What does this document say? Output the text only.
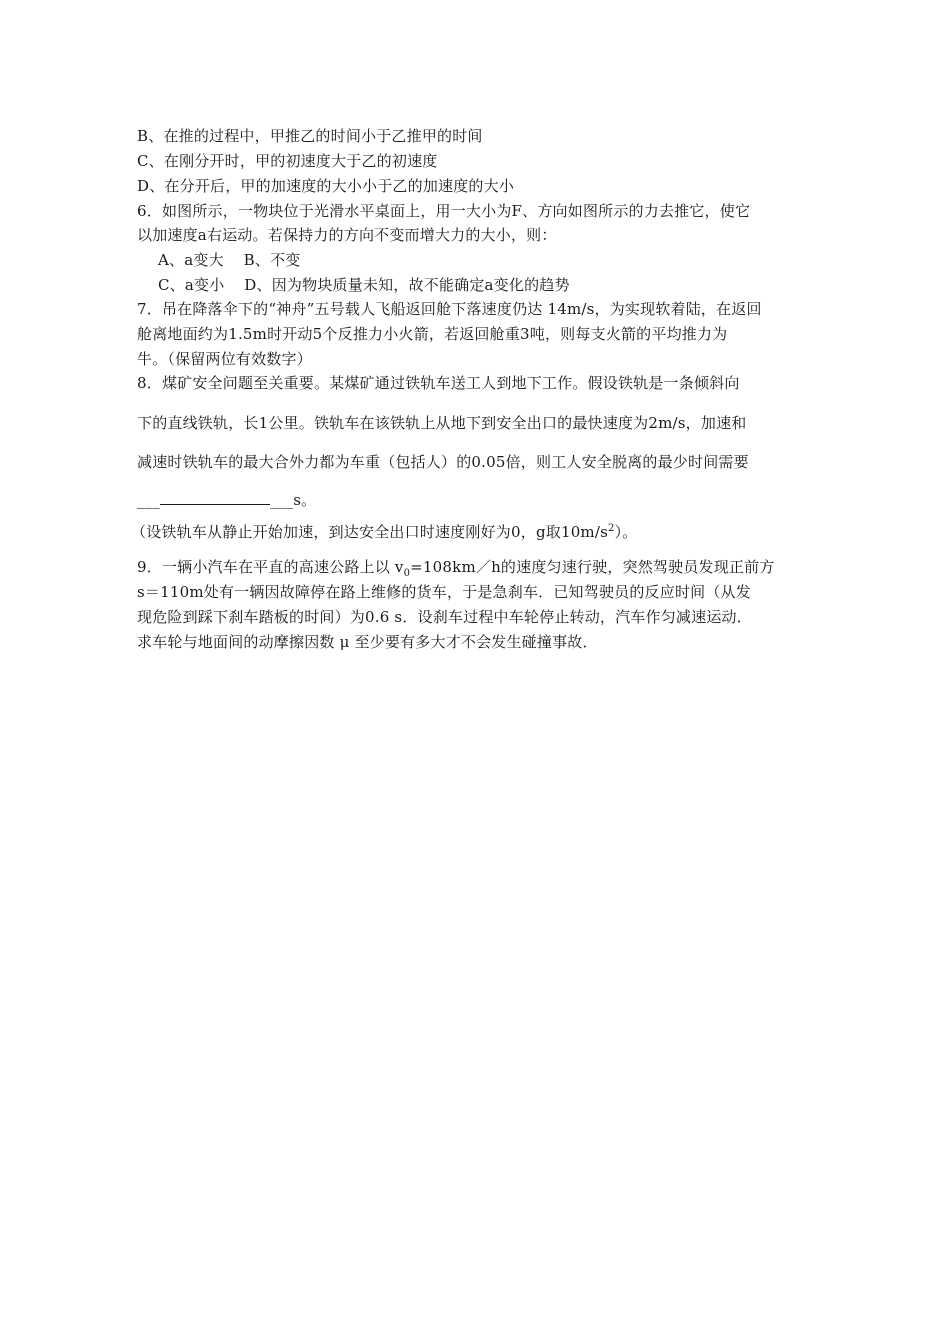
B、在推的过程中，甲推乙的时间小于乙推甲的时间
C、在刚分开时，甲的初速度大于乙的初速度
D、在分开后，甲的加速度的大小小于乙的加速度的大小
6．如图所示，一物块位于光滑水平桌面上，用一大小为F、方向如图所示的力去推它，使它
以加速度a右运动。若保持力的方向不变而增大力的大小，则：
A、a变大    B、不变
C、a变小    D、因为物块质量未知，故不能确定a变化的趋势
7．吊在降落伞下的“神舟”五号载人飞船返回舱下落速度仍达 14m/s，为实现软着陆，在返回
舱离地面约为1.5m时开动5个反推力小火箭，若返回舱重3吨，则每支火箭的平均推力为
牛。（保留两位有效数字）
8．煤矿安全问题至关重要。某煤矿通过铁轨车送工人到地下工作。假设铁轨是一条倾斜向
下的直线铁轨，长1公里。铁轨车在该铁轨上从地下到安全出口的最快速度为2m/s，加速和
减速时铁轨车的最大合外力都为车重（包括人）的0.05倍，则工人安全脱离的最少时间需要
___	___s。
（设铁轨车从静止开始加速，到达安全出口时速度刚好为0，g取$10m/s^2$）。
9．一辆小汽车在平直的高速公路上以 $v_0=108km/h$的速度匀速行驶，突然驾驶员发现正前方
s＝110m处有一辆因故障停在路上维修的货车，于是急刹车．已知驾驶员的反应时间（从发
现危险到踩下刹车踏板的时间）为0.6 s．设刹车过程中车轮停止转动，汽车作匀减速运动．
求车轮与地面间的动摩擦因数 μ 至少要有多大才不会发生碰撞事故．
